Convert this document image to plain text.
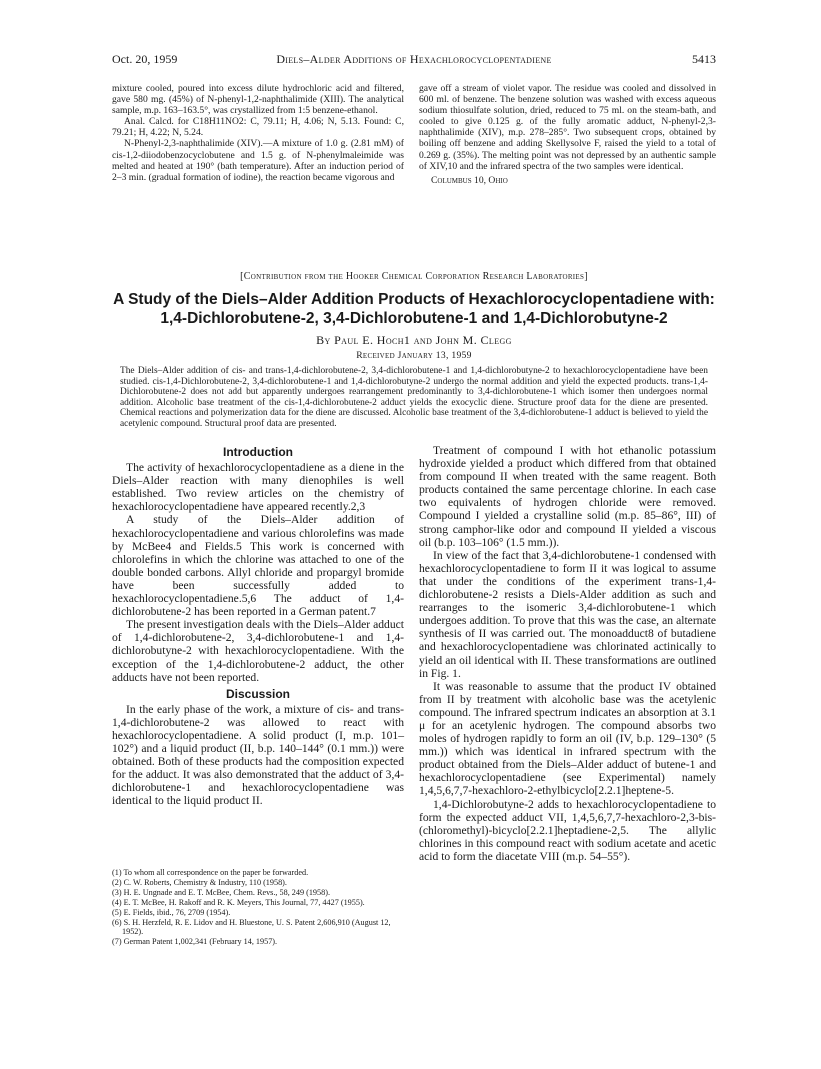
Oct. 20, 1959	Diels–Alder Additions of Hexachlorocyclopentadiene	5413

mixture cooled, poured into excess dilute hydrochloric acid and filtered, gave 580 mg. (45%) of N-phenyl-1,2-naphthalimide (XIII). The analytical sample, m.p. 163–163.5°, was crystallized from 1:5 benzene-ethanol.

Anal. Calcd. for C18H11NO2: C, 79.11; H, 4.06; N, 5.13. Found: C, 79.21; H, 4.22; N, 5.24.

N-Phenyl-2,3-naphthalimide (XIV).—A mixture of 1.0 g. (2.81 mM) of cis-1,2-diiodobenzocyclobutene and 1.5 g. of N-phenylmaleimide was melted and heated at 190° (bath temperature). After an induction period of 2–3 min. (gradual formation of iodine), the reaction became vigorous and

gave off a stream of violet vapor. The residue was cooled and dissolved in 600 ml. of benzene. The benzene solution was washed with excess aqueous sodium thiosulfate solution, dried, reduced to 75 ml. on the steam-bath, and cooled to give 0.125 g. of the fully aromatic adduct, N-phenyl-2,3-naphthalimide (XIV), m.p. 278–285°. Two subsequent crops, obtained by boiling off benzene and adding Skellysolve F, raised the yield to a total of 0.269 g. (35%). The melting point was not depressed by an authentic sample of XIV,10 and the infrared spectra of the two samples were identical.

Columbus 10, Ohio

[Contribution from the Hooker Chemical Corporation Research Laboratories]
A Study of the Diels–Alder Addition Products of Hexachlorocyclopentadiene with:
1,4-Dichlorobutene-2, 3,4-Dichlorobutene-1 and 1,4-Dichlorobutyne-2
By Paul E. Hoch1 and John M. Clegg
Received January 13, 1959
The Diels–Alder addition of cis- and trans-1,4-dichlorobutene-2, 3,4-dichlorobutene-1 and 1,4-dichlorobutyne-2 to hexachlorocyclopentadiene have been studied. cis-1,4-Dichlorobutene-2, 3,4-dichlorobutene-1 and 1,4-dichlorobutyne-2 undergo the normal addition and yield the expected products. trans-1,4-Dichlorobutene-2 does not add but apparently undergoes rearrangement predominantly to 3,4-dichlorobutene-1 which isomer then undergoes normal addition. Alcoholic base treatment of the cis-1,4-dichlorobutene-2 adduct yields the exocyclic diene. Structure proof data for the diene are presented. Chemical reactions and polymerization data for the diene are discussed. Alcoholic base treatment of the 3,4-dichlorobutene-1 adduct is believed to yield the acetylenic compound. Structural proof data are presented.
Introduction

The activity of hexachlorocyclopentadiene as a diene in the Diels–Alder reaction with many dienophiles is well established. Two review articles on the chemistry of hexachlorocyclopentadiene have appeared recently.2,3

A study of the Diels–Alder addition of hexachlorocyclopentadiene and various chlorolefins was made by McBee4 and Fields.5 This work is concerned with chlorolefins in which the chlorine was attached to one of the double bonded carbons. Allyl chloride and propargyl bromide have been successfully added to hexachlorocyclopentadiene.5,6 The adduct of 1,4-dichlorobutene-2 has been reported in a German patent.7

The present investigation deals with the Diels–Alder adduct of 1,4-dichlorobutene-2, 3,4-dichlorobutene-1 and 1,4-dichlorobutyne-2 with hexachlorocyclopentadiene. With the exception of the 1,4-dichlorobutene-2 adduct, the other adducts have not been reported.

Discussion

In the early phase of the work, a mixture of cis- and trans-1,4-dichlorobutene-2 was allowed to react with hexachlorocyclopentadiene. A solid product (I, m.p. 101–102°) and a liquid product (II, b.p. 140–144° (0.1 mm.)) were obtained. Both of these products had the composition expected for the adduct. It was also demonstrated that the adduct of 3,4-dichlorobutene-1 and hexachlorocyclopentadiene was identical to the liquid product II.

(1) To whom all correspondence on the paper be forwarded.

(2) C. W. Roberts, Chemistry & Industry, 110 (1958).

(3) H. E. Ungnade and E. T. McBee, Chem. Revs., 58, 249 (1958).

(4) E. T. McBee, H. Rakoff and R. K. Meyers, This Journal, 77, 4427 (1955).

(5) E. Fields, ibid., 76, 2709 (1954).

(6) S. H. Herzfeld, R. E. Lidov and H. Bluestone, U. S. Patent 2,606,910 (August 12, 1952).

(7) German Patent 1,002,341 (February 14, 1957).

Treatment of compound I with hot ethanolic potassium hydroxide yielded a product which differed from that obtained from compound II when treated with the same reagent. Both products contained the same percentage chlorine. In each case two equivalents of hydrogen chloride were removed. Compound I yielded a crystalline solid (m.p. 85–86°, III) of strong camphor-like odor and compound II yielded a viscous oil (b.p. 103–106° (1.5 mm.)).

In view of the fact that 3,4-dichlorobutene-1 condensed with hexachlorocyclopentadiene to form II it was logical to assume that under the conditions of the experiment trans-1,4-dichlorobutene-2 resists a Diels-Alder addition as such and rearranges to the isomeric 3,4-dichlorobutene-1 which undergoes addition. To prove that this was the case, an alternate synthesis of II was carried out. The monoadduct8 of butadiene and hexachlorocyclopentadiene was chlorinated actinically to yield an oil identical with II. These transformations are outlined in Fig. 1.

It was reasonable to assume that the product IV obtained from II by treatment with alcoholic base was the acetylenic compound. The infrared spectrum indicates an absorption at 3.1 μ for an acetylenic hydrogen. The compound absorbs two moles of hydrogen rapidly to form an oil (IV, b.p. 129–130° (5 mm.)) which was identical in infrared spectrum with the product obtained from the Diels–Alder adduct of butene-1 and hexachlorocyclopentadiene (see Experimental) namely 1,4,5,6,7,7-hexachloro-2-ethylbicyclo[2.2.1]heptene-5.

1,4-Dichlorobutyne-2 adds to hexachlorocyclopentadiene to form the expected adduct VII, 1,4,5,6,7,7-hexachloro-2,3-bis-(chloromethyl)-bicyclo[2.2.1]heptadiene-2,5. The allylic chlorines in this compound react with sodium acetate and acetic acid to form the diacetate VIII (m.p. 54–55°).
